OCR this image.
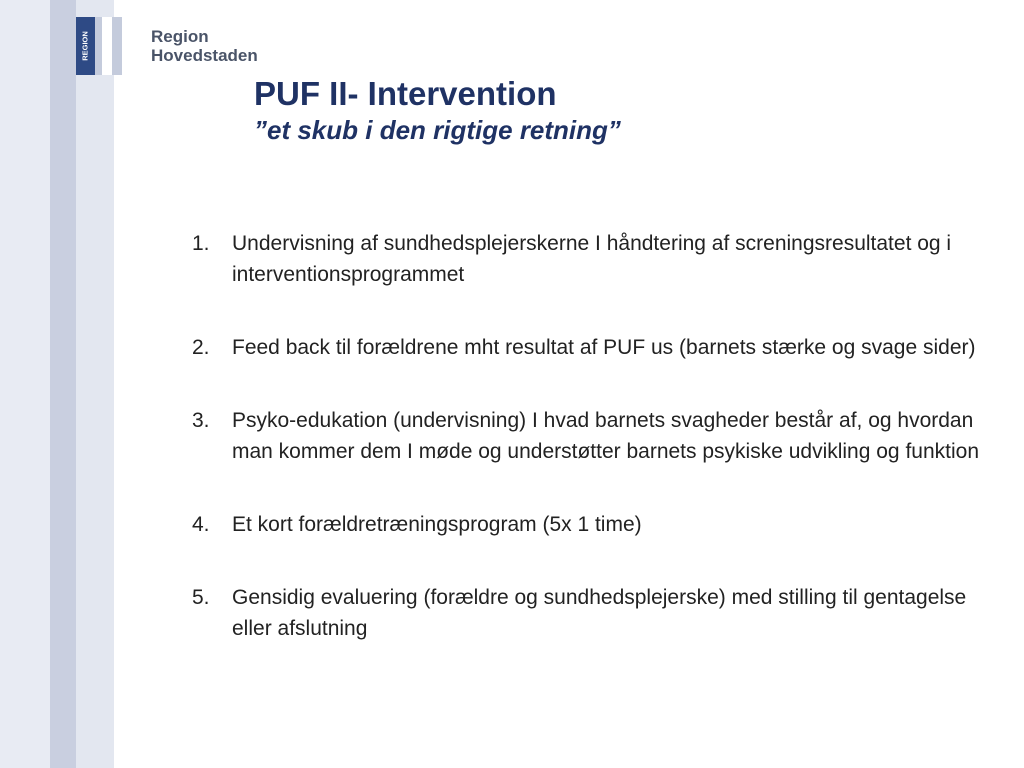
REGION	Region
Hovedstaden
PUF II- Intervention
”et skub i den rigtige retning”
1.	Undervisning af sundhedsplejerskerne I håndtering af screningsresultatet og i interventionsprogrammet
2.	Feed back til forældrene mht resultat af PUF us (barnets stærke og svage sider)
3.	Psyko-edukation (undervisning) I hvad barnets svagheder består af, og hvordan man kommer dem I møde og understøtter barnets psykiske udvikling og funktion
4.	Et kort forældretræningsprogram (5x 1 time)
5.	Gensidig evaluering (forældre og sundhedsplejerske) med stilling til gentagelse eller afslutning
